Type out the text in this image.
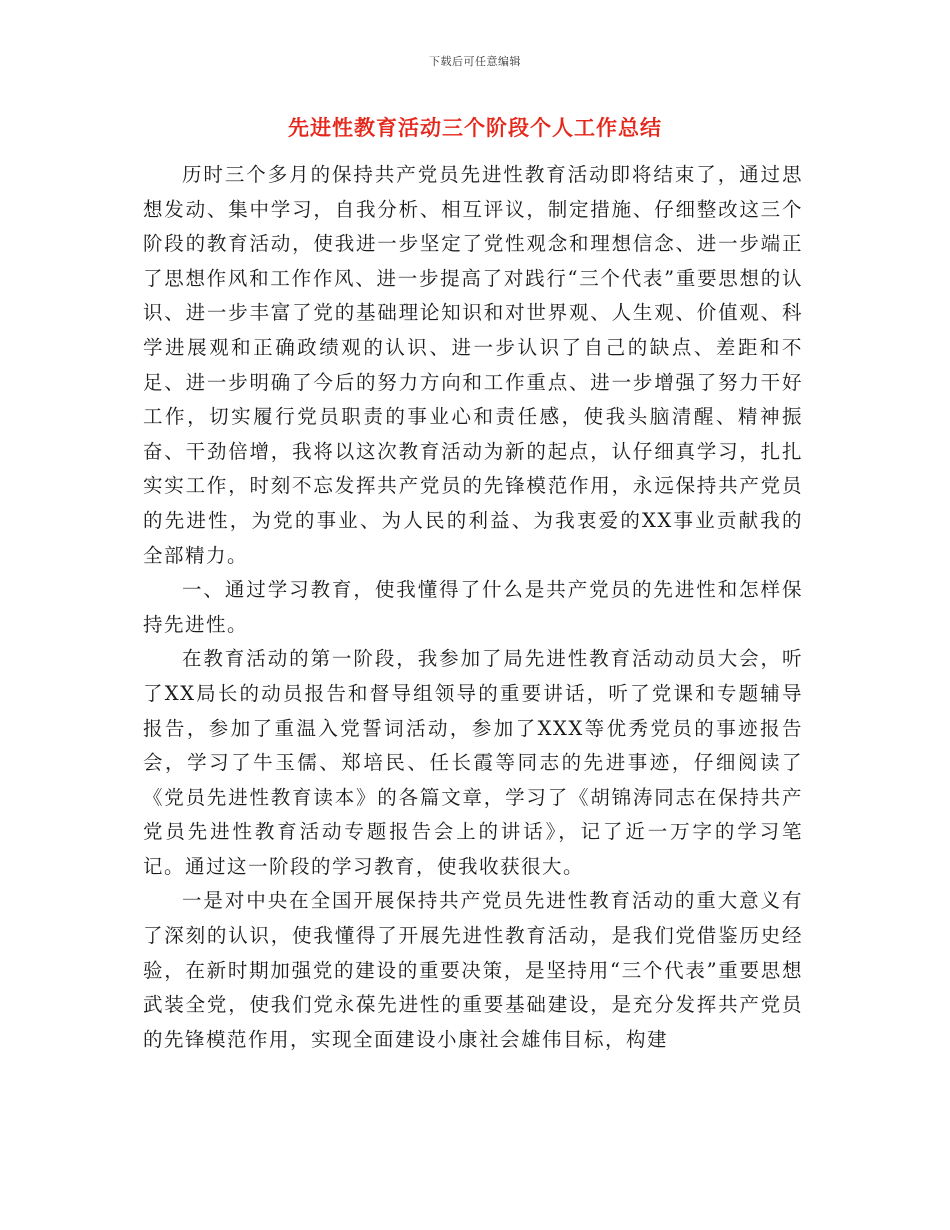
下载后可任意编辑
先进性教育活动三个阶段个人工作总结

历时三个多月的保持共产党员先进性教育活动即将结束了，通过思想发动、集中学习，自我分析、相互评议，制定措施、仔细整改这三个阶段的教育活动，使我进一步坚定了党性观念和理想信念、进一步端正了思想作风和工作作风、进一步提高了对践行“三个代表”重要思想的认识、进一步丰富了党的基础理论知识和对世界观、人生观、价值观、科学进展观和正确政绩观的认识、进一步认识了自己的缺点、差距和不足、进一步明确了今后的努力方向和工作重点、进一步增强了努力干好工作，切实履行党员职责的事业心和责任感，使我头脑清醒、精神振奋、干劲倍增，我将以这次教育活动为新的起点，认仔细真学习，扎扎实实工作，时刻不忘发挥共产党员的先锋模范作用，永远保持共产党员的先进性，为党的事业、为人民的利益、为我衷爱的XX事业贡献我的全部精力。

一、通过学习教育，使我懂得了什么是共产党员的先进性和怎样保持先进性。

在教育活动的第一阶段，我参加了局先进性教育活动动员大会，听了XX局长的动员报告和督导组领导的重要讲话，听了党课和专题辅导报告，参加了重温入党誓词活动，参加了XXX等优秀党员的事迹报告会，学习了牛玉儒、郑培民、任长霞等同志的先进事迹，仔细阅读了《党员先进性教育读本》的各篇文章，学习了《胡锦涛同志在保持共产党员先进性教育活动专题报告会上的讲话》，记了近一万字的学习笔记。通过这一阶段的学习教育，使我收获很大。

一是对中央在全国开展保持共产党员先进性教育活动的重大意义有了深刻的认识，使我懂得了开展先进性教育活动，是我们党借鉴历史经验，在新时期加强党的建设的重要决策，是坚持用“三个代表”重要思想武装全党，使我们党永葆先进性的重要基础建设，是充分发挥共产党员的先锋模范作用，实现全面建设小康社会雄伟目标，构建
